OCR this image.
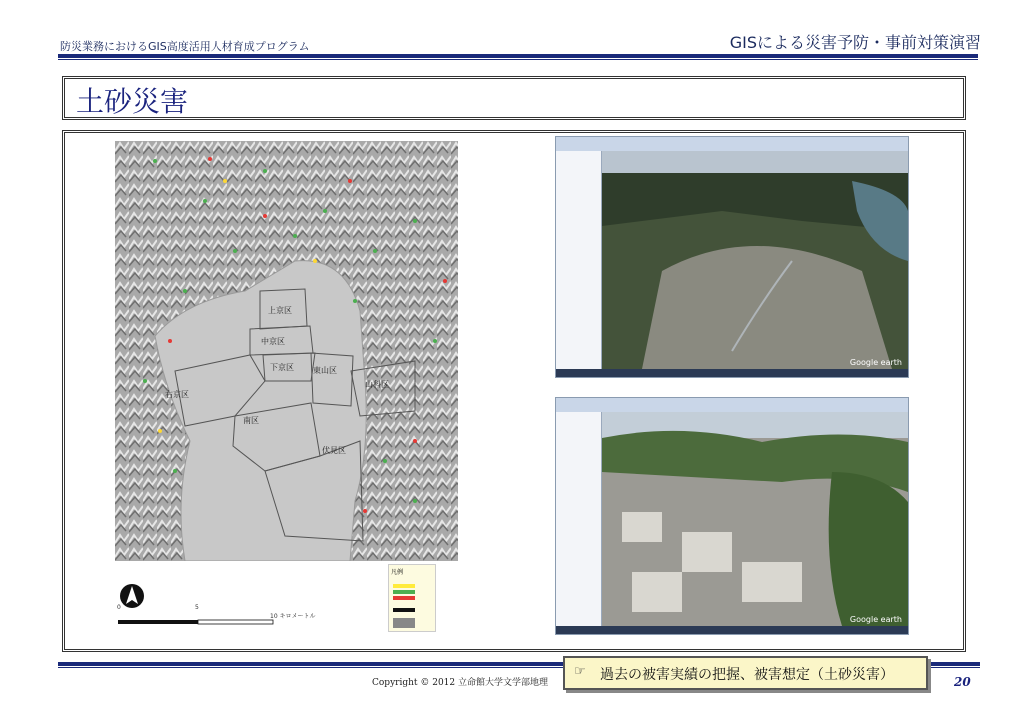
防災業務におけるGIS高度活用人材育成プログラム	GISによる災害予防・事前対策演習
土砂災害
上京区
中京区
下京区 東山区
山科区
右京区
南区
伏見区
0	5
10 キロメートル
凡例
Google earth
Google earth
Copyright © 2012 立命館大学文学部地理
☞ 過去の被害実績の把握、被害想定（土砂災害）	20
